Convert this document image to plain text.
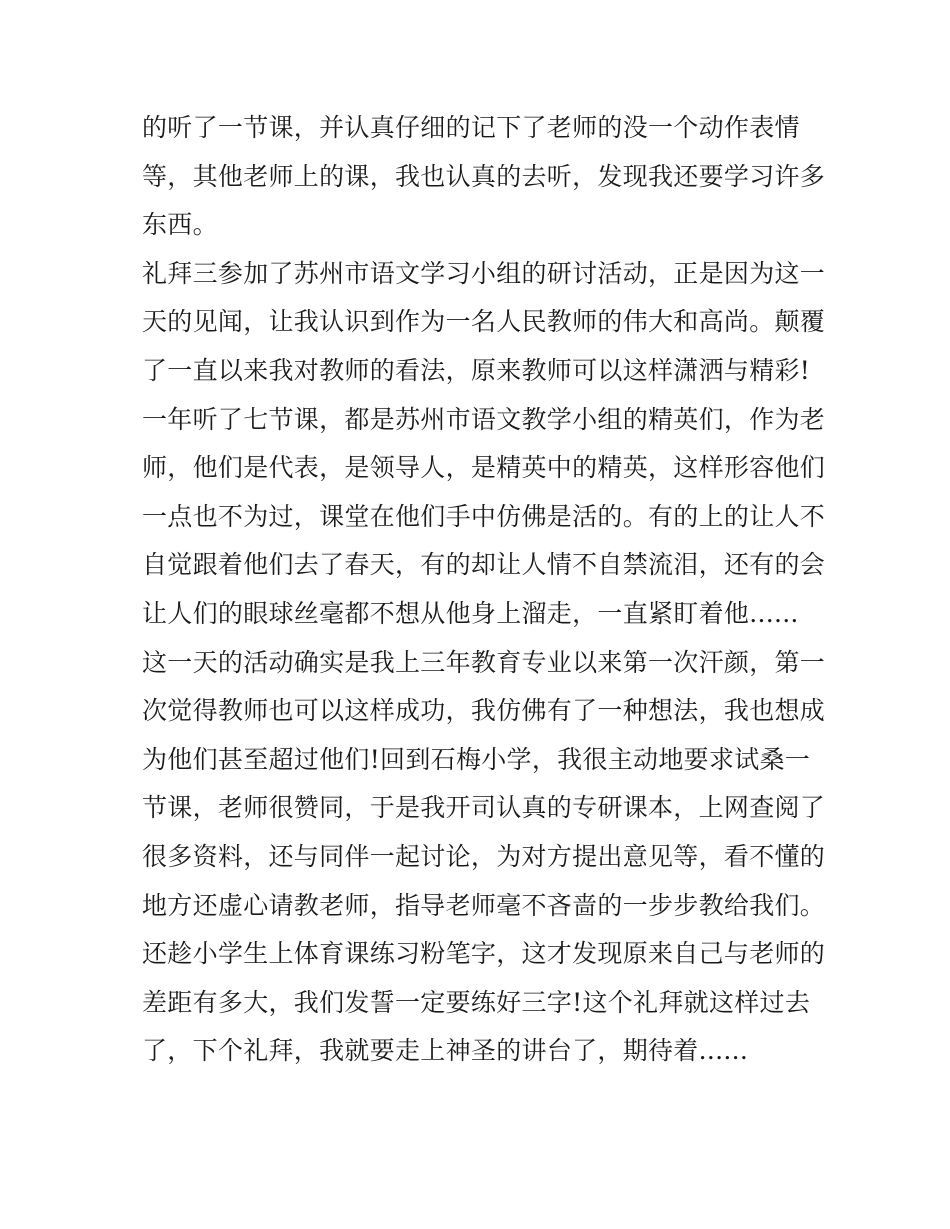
的听了一节课，并认真仔细的记下了老师的没一个动作表情
等，其他老师上的课，我也认真的去听，发现我还要学习许多
东西。
礼拜三参加了苏州市语文学习小组的研讨活动，正是因为这一
天的见闻，让我认识到作为一名人民教师的伟大和高尚。颠覆
了一直以来我对教师的看法，原来教师可以这样潇洒与精彩!
一年听了七节课，都是苏州市语文教学小组的精英们，作为老
师，他们是代表，是领导人，是精英中的精英，这样形容他们
一点也不为过，课堂在他们手中仿佛是活的。有的上的让人不
自觉跟着他们去了春天，有的却让人情不自禁流泪，还有的会
让人们的眼球丝毫都不想从他身上溜走，一直紧盯着他......
这一天的活动确实是我上三年教育专业以来第一次汗颜，第一
次觉得教师也可以这样成功，我仿佛有了一种想法，我也想成
为他们甚至超过他们!回到石梅小学，我很主动地要求试桑一
节课，老师很赞同，于是我开司认真的专研课本，上网查阅了
很多资料，还与同伴一起讨论，为对方提出意见等，看不懂的
地方还虚心请教老师，指导老师毫不吝啬的一步步教给我们。
还趁小学生上体育课练习粉笔字，这才发现原来自己与老师的
差距有多大，我们发誓一定要练好三字!这个礼拜就这样过去
了，下个礼拜，我就要走上神圣的讲台了，期待着......
